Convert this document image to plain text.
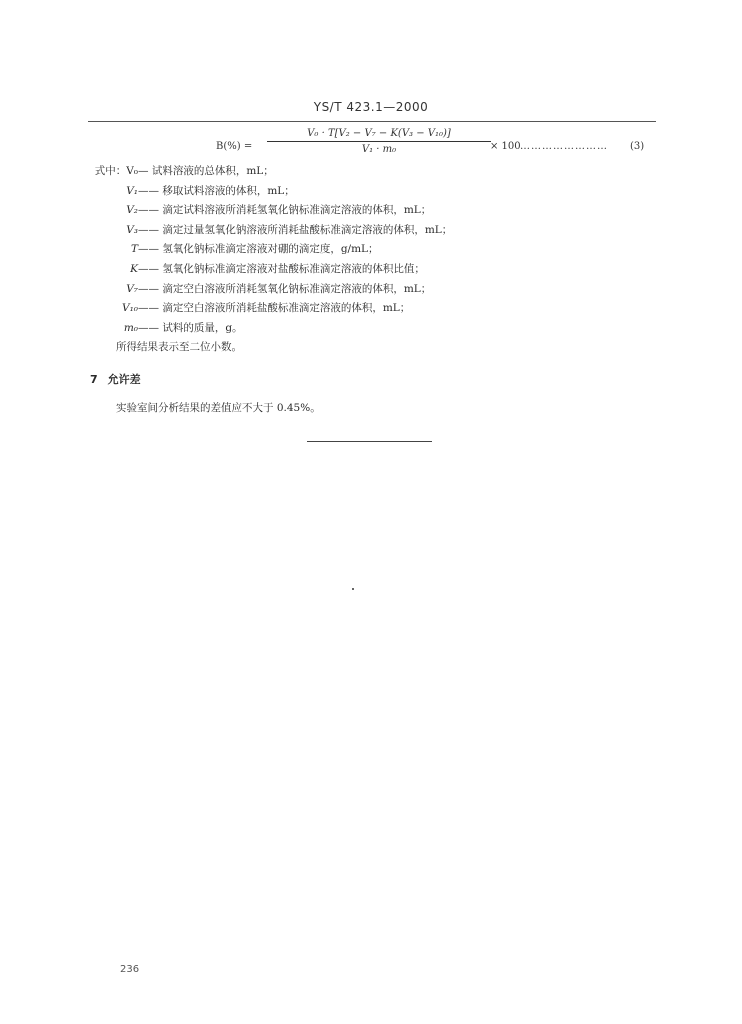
YS/T 423.1—2000
B(%) =
V₀ · T[V₂ − V₇ − K(V₃ − V₁₀)]
V₁ · m₀	× 100 …………………… (3)
式中：V₀— 试料溶液的总体积，mL；
V₁—— 移取试料溶液的体积，mL；
V₂—— 滴定试料溶液所消耗氢氧化钠标准滴定溶液的体积，mL；
V₃—— 滴定过量氢氧化钠溶液所消耗盐酸标准滴定溶液的体积，mL；
T—— 氢氧化钠标准滴定溶液对硼的滴定度，g/mL；
K—— 氢氧化钠标准滴定溶液对盐酸标准滴定溶液的体积比值；
V₇—— 滴定空白溶液所消耗氢氧化钠标准滴定溶液的体积，mL；
V₁₀—— 滴定空白溶液所消耗盐酸标准滴定溶液的体积，mL；
m₀—— 试料的质量，g。
所得结果表示至二位小数。
7 允许差
实验室间分析结果的差值应不大于 0.45%。
236
